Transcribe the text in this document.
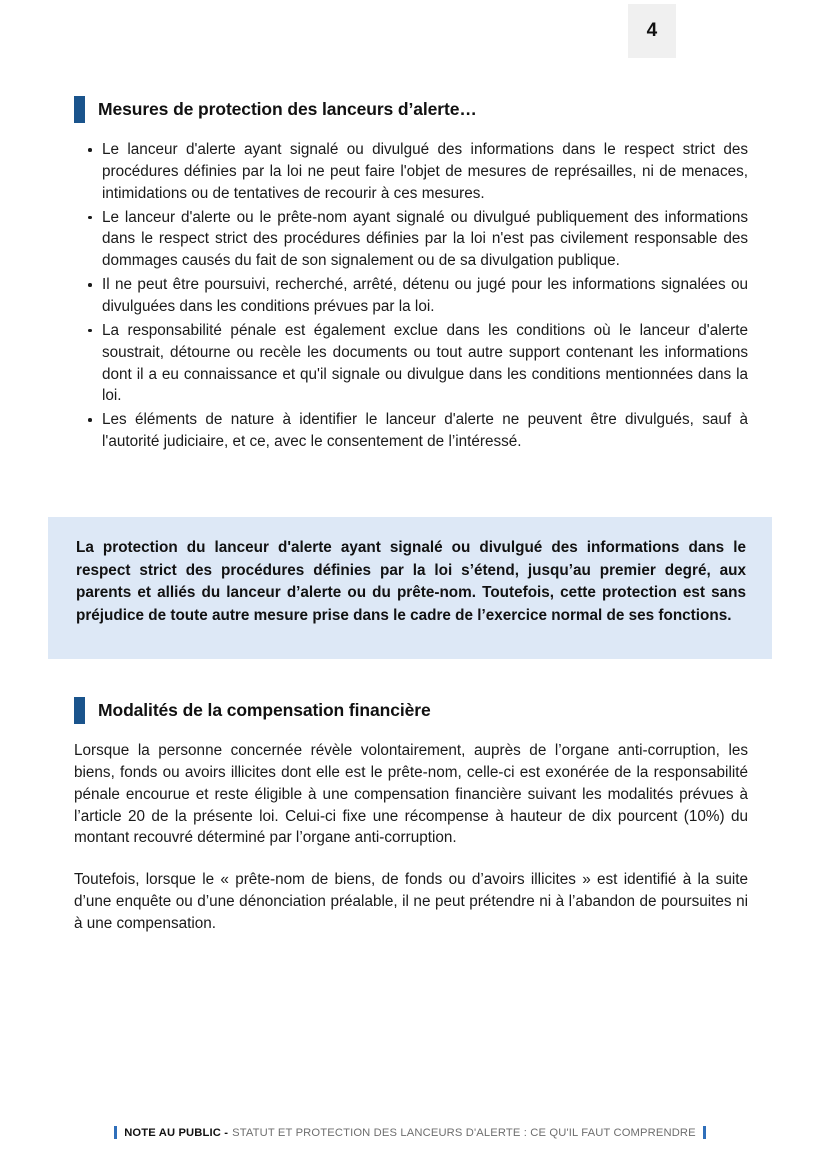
4
Mesures de protection des lanceurs d’alerte…
Le lanceur d'alerte ayant signalé ou divulgué des informations dans le respect strict des procédures définies par la loi ne peut faire l'objet de mesures de représailles, ni de menaces, intimidations ou de tentatives de recourir à ces mesures.
Le lanceur d'alerte ou le prête-nom ayant signalé ou divulgué publiquement des informations dans le respect strict des procédures définies par la loi n'est pas civilement responsable des dommages causés du fait de son signalement ou de sa divulgation publique.
Il ne peut être poursuivi, recherché, arrêté, détenu ou jugé pour les informations signalées ou divulguées dans les conditions prévues par la loi.
La responsabilité pénale est également exclue dans les conditions où le lanceur d'alerte soustrait, détourne ou recèle les documents ou tout autre support contenant les informations dont il a eu connaissance et qu'il signale ou divulgue dans les conditions mentionnées dans la loi.
Les éléments de nature à identifier le lanceur d'alerte ne peuvent être divulgués, sauf à l'autorité judiciaire, et ce, avec le consentement de l’intéressé.

La protection du lanceur d'alerte ayant signalé ou divulgué des informations dans le respect strict des procédures définies par la loi s’étend, jusqu’au premier degré, aux parents et alliés du lanceur d’alerte ou du prête-nom. Toutefois, cette protection est sans préjudice de toute autre mesure prise dans le cadre de l’exercice normal de ses fonctions.

Modalités de la compensation financière

Lorsque la personne concernée révèle volontairement, auprès de l’organe anti-corruption, les biens, fonds ou avoirs illicites dont elle est le prête-nom, celle-ci est exonérée de la responsabilité pénale encourue et reste éligible à une compensation financière suivant les modalités prévues à l’article 20 de la présente loi. Celui-ci fixe une récompense à hauteur de dix pourcent (10%) du montant recouvré déterminé par l’organe anti-corruption.

Toutefois, lorsque le « prête-nom de biens, de fonds ou d’avoirs illicites » est identifié à la suite d’une enquête ou d’une dénonciation préalable, il ne peut prétendre ni à l’abandon de poursuites ni à une compensation.

NOTE AU PUBLIC - STATUT ET PROTECTION DES LANCEURS D'ALERTE : CE QU'IL FAUT COMPRENDRE
